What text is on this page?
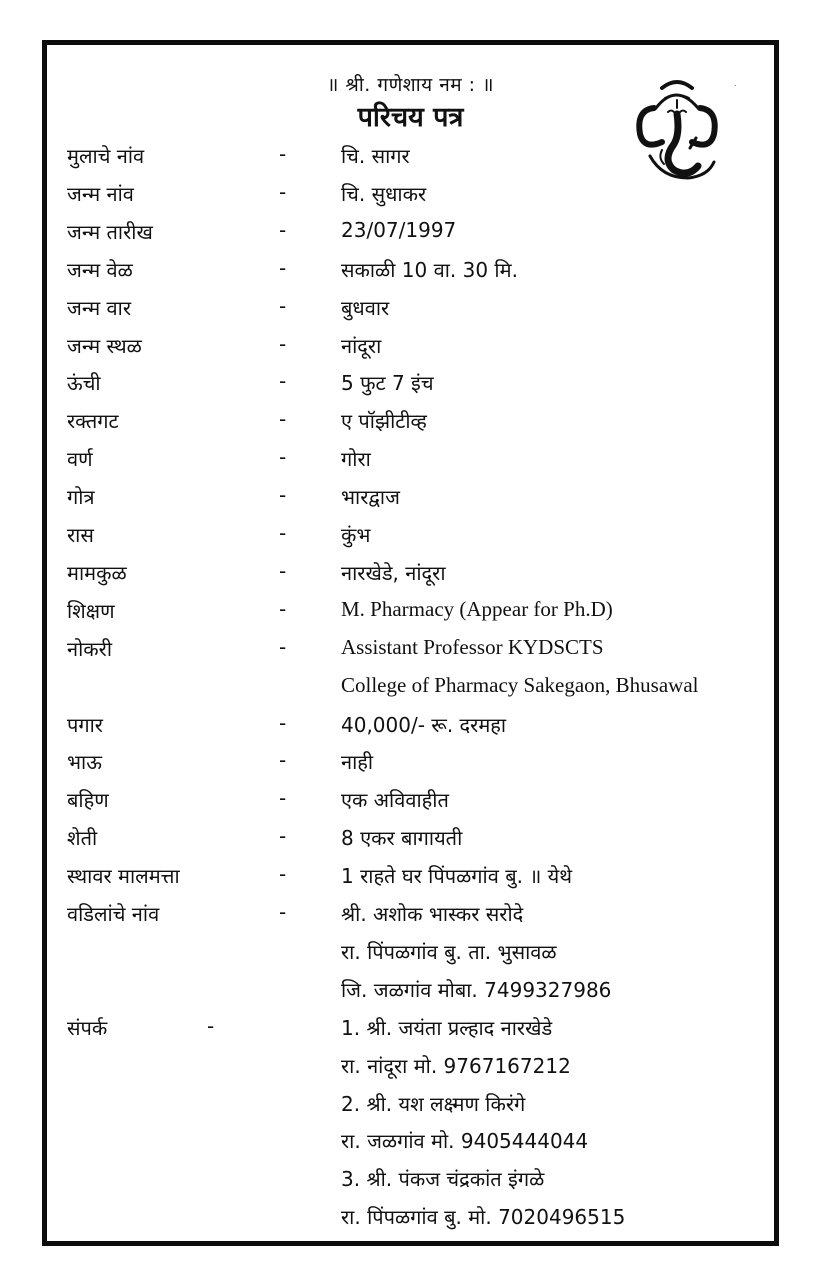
॥ श्री. गणेशाय नम : ॥
परिचय पत्र
.
मुलाचे नांव	-	चि. सागर
जन्म नांव	-	चि. सुधाकर
जन्म तारीख	-	23/07/1997
जन्म वेळ	-	सकाळी 10 वा. 30 मि.
जन्म वार	-	बुधवार
जन्म स्थळ	-	नांदूरा
ऊंची	-	5 फुट 7 इंच
रक्तगट	-	ए पॉझीटीव्ह
वर्ण	-	गोरा
गोत्र	-	भारद्वाज
रास	-	कुंभ
मामकुळ	-	नारखेडे, नांदूरा
शिक्षण	-	M. Pharmacy (Appear for Ph.D)
नोकरी	-	Assistant Professor KYDSCTS
College of Pharmacy Sakegaon, Bhusawal
पगार	-	40,000/- रू. दरमहा
भाऊ	-	नाही
बहिण	-	एक अविवाहीत
शेती	-	8 एकर बागायती
स्थावर मालमत्ता	-	1 राहते घर पिंपळगांव बु. ॥ येथे
वडिलांचे नांव	-	श्री. अशोक भास्कर सरोदे
रा. पिंपळगांव बु. ता. भुसावळ
जि. जळगांव मोबा. 7499327986
संपर्क	-	1. श्री. जयंता प्रल्हाद नारखेडे
रा. नांदूरा मो. 9767167212
2. श्री. यश लक्ष्मण किरंगे
रा. जळगांव मो. 9405444044
3. श्री. पंकज चंद्रकांत इंगळे
रा. पिंपळगांव बु. मो. 7020496515
